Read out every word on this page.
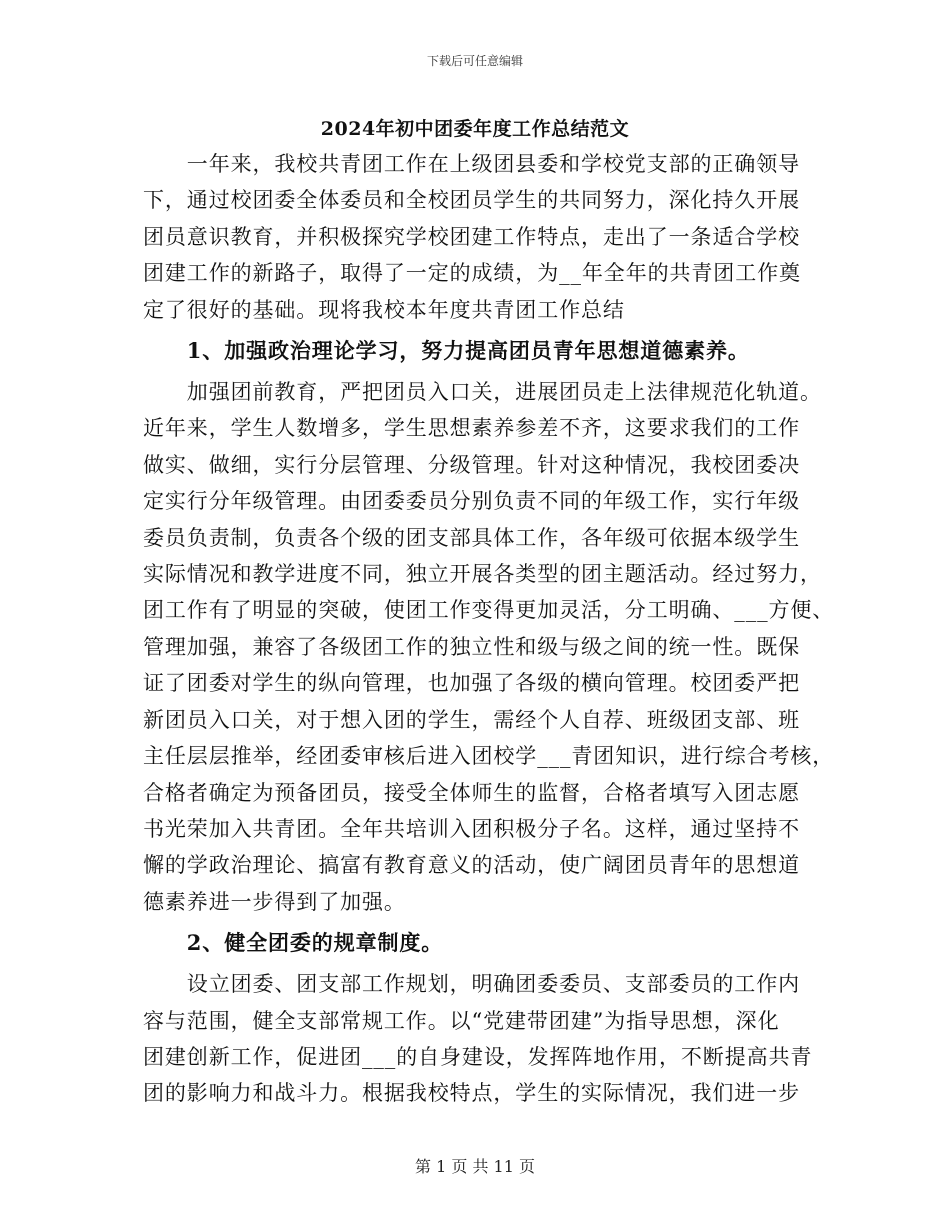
下载后可任意编辑
2024年初中团委年度工作总结范文

　　一年来，我校共青团工作在上级团县委和学校党支部的正确领导
下，通过校团委全体委员和全校团员学生的共同努力，深化持久开展
团员意识教育，并积极探究学校团建工作特点，走出了一条适合学校
团建工作的新路子，取得了一定的成绩，为__年全年的共青团工作奠
定了很好的基础。现将我校本年度共青团工作总结

　　1、加强政治理论学习，努力提高团员青年思想道德素养。

　　加强团前教育，严把团员入口关，进展团员走上法律规范化轨道。
近年来，学生人数增多，学生思想素养参差不齐，这要求我们的工作
做实、做细，实行分层管理、分级管理。针对这种情况，我校团委决
定实行分年级管理。由团委委员分别负责不同的年级工作，实行年级
委员负责制，负责各个级的团支部具体工作，各年级可依据本级学生
实际情况和教学进度不同，独立开展各类型的团主题活动。经过努力，
团工作有了明显的突破，使团工作变得更加灵活，分工明确、___方便、
管理加强，兼容了各级团工作的独立性和级与级之间的统一性。既保
证了团委对学生的纵向管理，也加强了各级的横向管理。校团委严把
新团员入口关，对于想入团的学生，需经个人自荐、班级团支部、班
主任层层推举，经团委审核后进入团校学___青团知识，进行综合考核，
合格者确定为预备团员，接受全体师生的监督，合格者填写入团志愿
书光荣加入共青团。全年共培训入团积极分子名。这样，通过坚持不
懈的学政治理论、搞富有教育意义的活动，使广阔团员青年的思想道
德素养进一步得到了加强。

　　2、健全团委的规章制度。

　　设立团委、团支部工作规划，明确团委委员、支部委员的工作内
容与范围，健全支部常规工作。以“党建带团建”为指导思想，深化
团建创新工作，促进团___的自身建设，发挥阵地作用，不断提高共青
团的影响力和战斗力。根据我校特点，学生的实际情况，我们进一步

第 1 页 共 11 页
